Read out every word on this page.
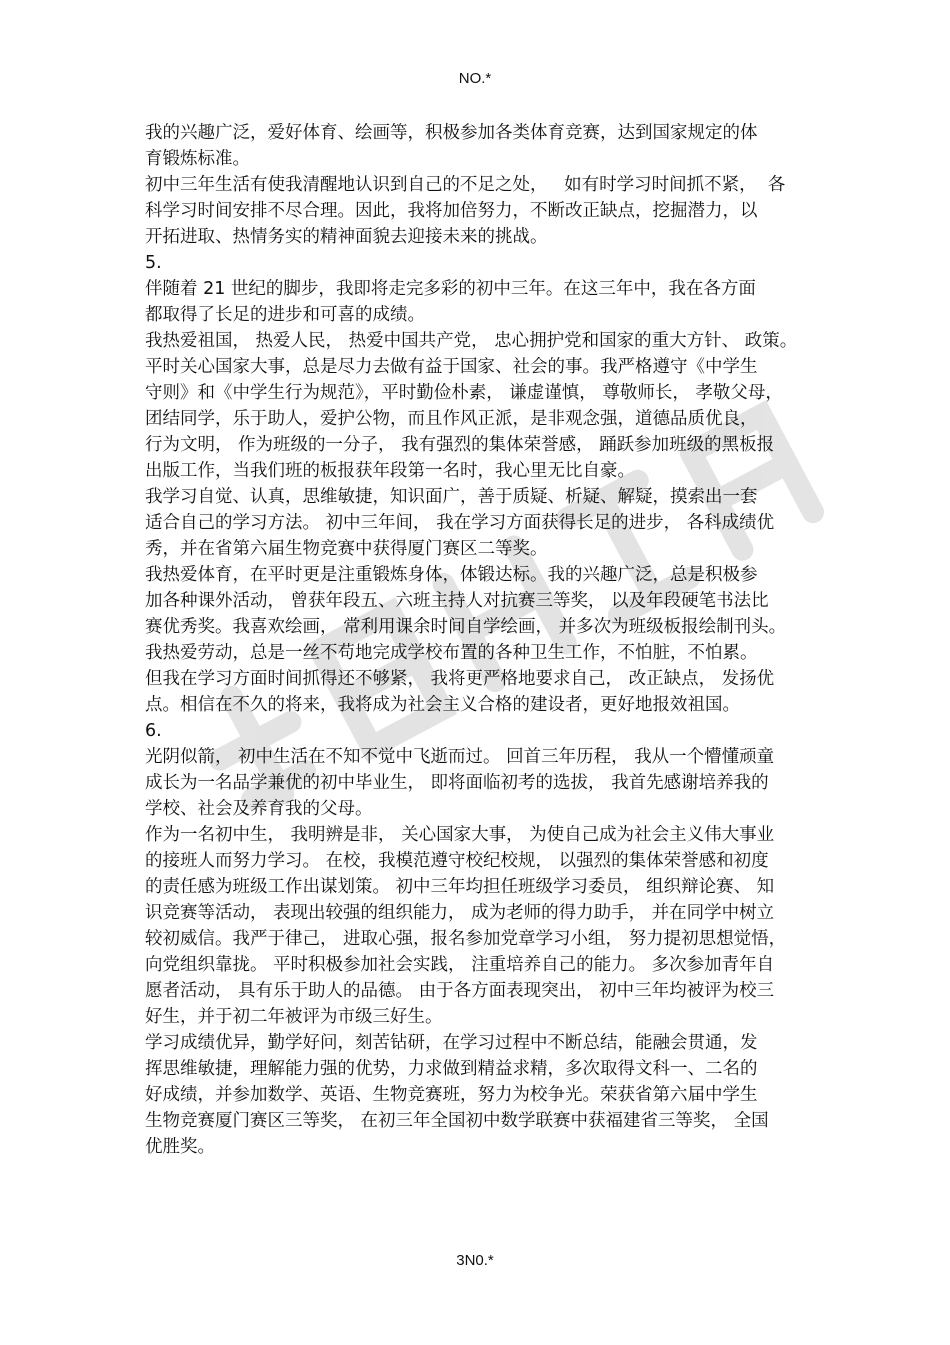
NO.*
我的兴趣广泛，爱好体育、绘画等，积极参加各类体育竞赛，达到国家规定的体
育锻炼标准。
初中三年生活有使我清醒地认识到自己的不足之处，   如有时学习时间抓不紧，  各
科学习时间安排不尽合理。因此，我将加倍努力，不断改正缺点，挖掘潜力，以
开拓进取、热情务实的精神面貌去迎接未来的挑战。
5.
伴随着 21 世纪的脚步，我即将走完多彩的初中三年。在这三年中，我在各方面
都取得了长足的进步和可喜的成绩。
我热爱祖国， 热爱人民， 热爱中国共产党， 忠心拥护党和国家的重大方针、 政策。
平时关心国家大事，总是尽力去做有益于国家、社会的事。我严格遵守《中学生
守则》和《中学生行为规范》，平时勤俭朴素， 谦虚谨慎， 尊敬师长， 孝敬父母，
团结同学，乐于助人，爱护公物，而且作风正派，是非观念强，道德品质优良，
行为文明， 作为班级的一分子， 我有强烈的集体荣誉感， 踊跃参加班级的黑板报
出版工作，当我们班的板报获年段第一名时，我心里无比自豪。
我学习自觉、认真，思维敏捷，知识面广，善于质疑、析疑、解疑，摸索出一套
适合自己的学习方法。 初中三年间， 我在学习方面获得长足的进步， 各科成绩优
秀，并在省第六届生物竞赛中获得厦门赛区二等奖。
我热爱体育，在平时更是注重锻炼身体，体锻达标。我的兴趣广泛，总是积极参
加各种课外活动， 曾获年段五、六班主持人对抗赛三等奖， 以及年段硬笔书法比
赛优秀奖。我喜欢绘画， 常利用课余时间自学绘画， 并多次为班级板报绘制刊头。
我热爱劳动，总是一丝不苟地完成学校布置的各种卫生工作，不怕脏，不怕累。
但我在学习方面时间抓得还不够紧， 我将更严格地要求自己， 改正缺点， 发扬优
点。相信在不久的将来，我将成为社会主义合格的建设者，更好地报效祖国。
6.
光阴似箭， 初中生活在不知不觉中飞逝而过。 回首三年历程， 我从一个懵懂顽童
成长为一名品学兼优的初中毕业生， 即将面临初考的选拔， 我首先感谢培养我的
学校、社会及养育我的父母。
作为一名初中生， 我明辨是非， 关心国家大事， 为使自己成为社会主义伟大事业
的接班人而努力学习。 在校，我模范遵守校纪校规， 以强烈的集体荣誉感和初度
的责任感为班级工作出谋划策。 初中三年均担任班级学习委员， 组织辩论赛、 知
识竞赛等活动， 表现出较强的组织能力， 成为老师的得力助手， 并在同学中树立
较初威信。我严于律己， 进取心强，报名参加党章学习小组， 努力提初思想觉悟，
向党组织靠拢。 平时积极参加社会实践， 注重培养自己的能力。 多次参加青年自
愿者活动， 具有乐于助人的品德。 由于各方面表现突出， 初中三年均被评为校三
好生，并于初二年被评为市级三好生。
学习成绩优异，勤学好问，刻苦钻研，在学习过程中不断总结，能融会贯通，发
挥思维敏捷，理解能力强的优势，力求做到精益求精，多次取得文科一、二名的
好成绩，并参加数学、英语、生物竞赛班，努力为校争光。荣获省第六届中学生
生物竞赛厦门赛区三等奖， 在初三年全国初中数学联赛中获福建省三等奖， 全国
优胜奖。
3N0.*
